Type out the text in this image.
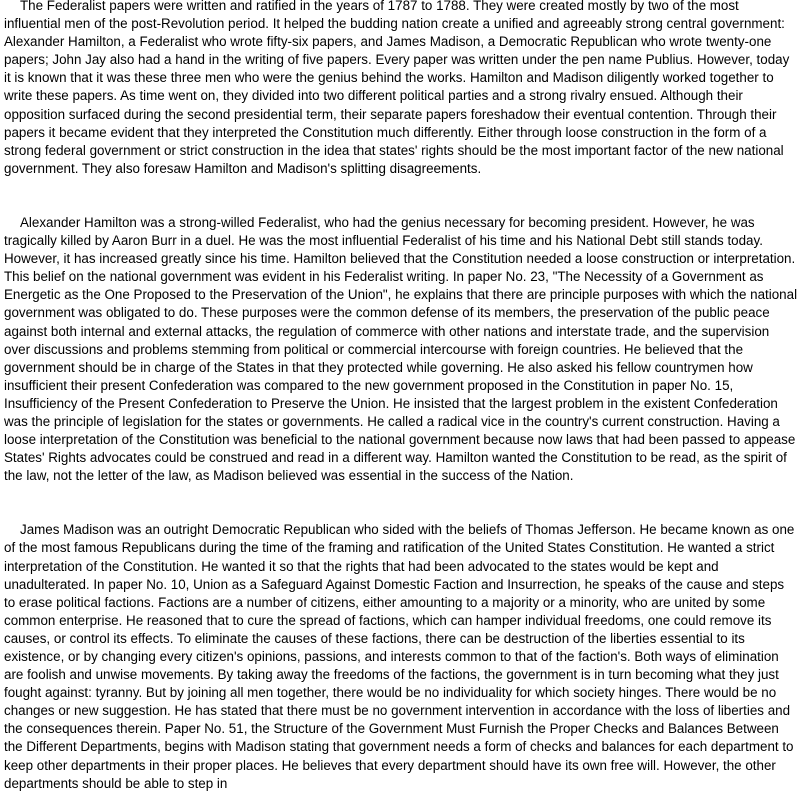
The Federalist papers were written and ratified in the years of 1787 to 1788. They were created mostly by two of the most influential men of the post-Revolution period. It helped the budding nation create a unified and agreeably strong central government: Alexander Hamilton, a Federalist who wrote fifty-six papers, and James Madison, a Democratic Republican who wrote twenty-one papers; John Jay also had a hand in the writing of five papers. Every paper was written under the pen name Publius. However, today it is known that it was these three men who were the genius behind the works. Hamilton and Madison diligently worked together to write these papers. As time went on, they divided into two different political parties and a strong rivalry ensued. Although their opposition surfaced during the second presidential term, their separate papers foreshadow their eventual contention. Through their papers it became evident that they interpreted the Constitution much differently. Either through loose construction in the form of a strong federal government or strict construction in the idea that states' rights should be the most important factor of the new national government. They also foresaw Hamilton and Madison's splitting disagreements.

Alexander Hamilton was a strong-willed Federalist, who had the genius necessary for becoming president. However, he was tragically killed by Aaron Burr in a duel. He was the most influential Federalist of his time and his National Debt still stands today. However, it has increased greatly since his time. Hamilton believed that the Constitution needed a loose construction or interpretation. This belief on the national government was evident in his Federalist writing. In paper No. 23, "The Necessity of a Government as Energetic as the One Proposed to the Preservation of the Union", he explains that there are principle purposes with which the national government was obligated to do. These purposes were the common defense of its members, the preservation of the public peace against both internal and external attacks, the regulation of commerce with other nations and interstate trade, and the supervision over discussions and problems stemming from political or commercial intercourse with foreign countries. He believed that the government should be in charge of the States in that they protected while governing. He also asked his fellow countrymen how insufficient their present Confederation was compared to the new government proposed in the Constitution in paper No. 15, Insufficiency of the Present Confederation to Preserve the Union. He insisted that the largest problem in the existent Confederation was the principle of legislation for the states or governments. He called a radical vice in the country's current construction. Having a loose interpretation of the Constitution was beneficial to the national government because now laws that had been passed to appease States' Rights advocates could be construed and read in a different way. Hamilton wanted the Constitution to be read, as the spirit of the law, not the letter of the law, as Madison believed was essential in the success of the Nation.

James Madison was an outright Democratic Republican who sided with the beliefs of Thomas Jefferson. He became known as one of the most famous Republicans during the time of the framing and ratification of the United States Constitution. He wanted a strict interpretation of the Constitution. He wanted it so that the rights that had been advocated to the states would be kept and unadulterated. In paper No. 10, Union as a Safeguard Against Domestic Faction and Insurrection, he speaks of the cause and steps to erase political factions. Factions are a number of citizens, either amounting to a majority or a minority, who are united by some common enterprise. He reasoned that to cure the spread of factions, which can hamper individual freedoms, one could remove its causes, or control its effects. To eliminate the causes of these factions, there can be destruction of the liberties essential to its existence, or by changing every citizen's opinions, passions, and interests common to that of the faction's. Both ways of elimination are foolish and unwise movements. By taking away the freedoms of the factions, the government is in turn becoming what they just fought against: tyranny. But by joining all men together, there would be no individuality for which society hinges. There would be no changes or new suggestion. He has stated that there must be no government intervention in accordance with the loss of liberties and the consequences therein. Paper No. 51, the Structure of the Government Must Furnish the Proper Checks and Balances Between the Different Departments, begins with Madison stating that government needs a form of checks and balances for each department to keep other departments in their proper places. He believes that every department should have its own free will. However, the other departments should be able to step in
